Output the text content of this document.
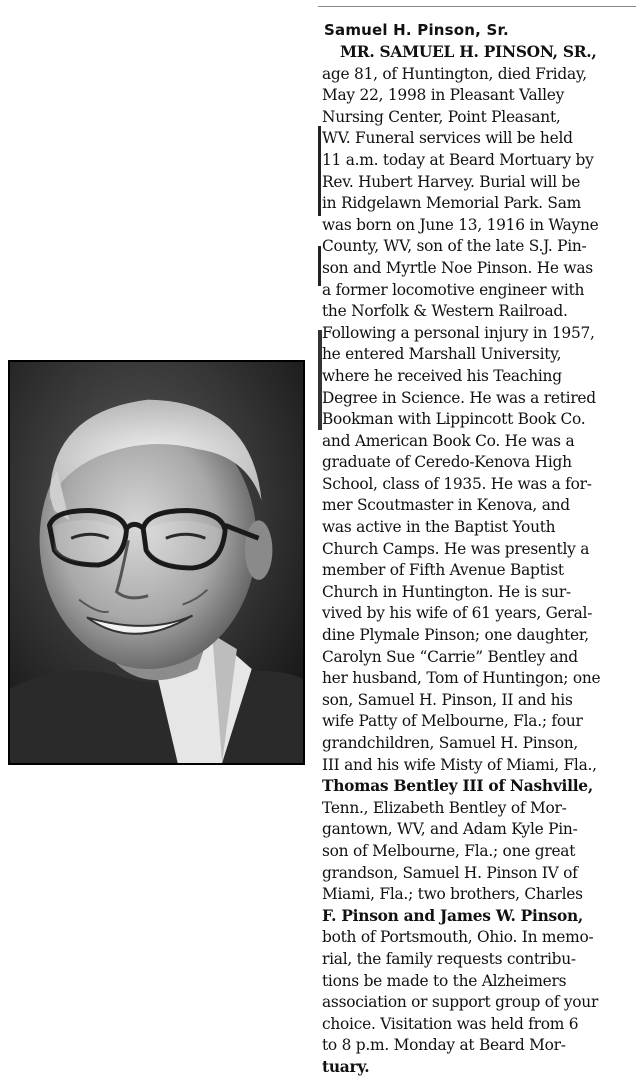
Samuel H. Pinson, Sr.
MR. SAMUEL H. PINSON, SR.,
age 81, of Huntington, died Friday,
May 22, 1998 in Pleasant Valley
Nursing Center, Point Pleasant,
WV. Funeral services will be held
11 a.m. today at Beard Mortuary by
Rev. Hubert Harvey. Burial will be
in Ridgelawn Memorial Park. Sam
was born on June 13, 1916 in Wayne
County, WV, son of the late S.J. Pin-
son and Myrtle Noe Pinson. He was
a former locomotive engineer with
the Norfolk & Western Railroad.
Following a personal injury in 1957,
he entered Marshall University,
where he received his Teaching
Degree in Science. He was a retired
Bookman with Lippincott Book Co.
and American Book Co. He was a
graduate of Ceredo-Kenova High
School, class of 1935. He was a for-
mer Scoutmaster in Kenova, and
was active in the Baptist Youth
Church Camps. He was presently a
member of Fifth Avenue Baptist
Church in Huntington. He is sur-
vived by his wife of 61 years, Geral-
dine Plymale Pinson; one daughter,
Carolyn Sue “Carrie” Bentley and
her husband, Tom of Huntingon; one
son, Samuel H. Pinson, II and his
wife Patty of Melbourne, Fla.; four
grandchildren, Samuel H. Pinson,
III and his wife Misty of Miami, Fla.,
Thomas Bentley III of Nashville,
Tenn., Elizabeth Bentley of Mor-
gantown, WV, and Adam Kyle Pin-
son of Melbourne, Fla.; one great
grandson, Samuel H. Pinson IV of
Miami, Fla.; two brothers, Charles
F. Pinson and James W. Pinson,
both of Portsmouth, Ohio. In memo-
rial, the family requests contribu-
tions be made to the Alzheimers
association or support group of your
choice. Visitation was held from 6
to 8 p.m. Monday at Beard Mor-
tuary.
